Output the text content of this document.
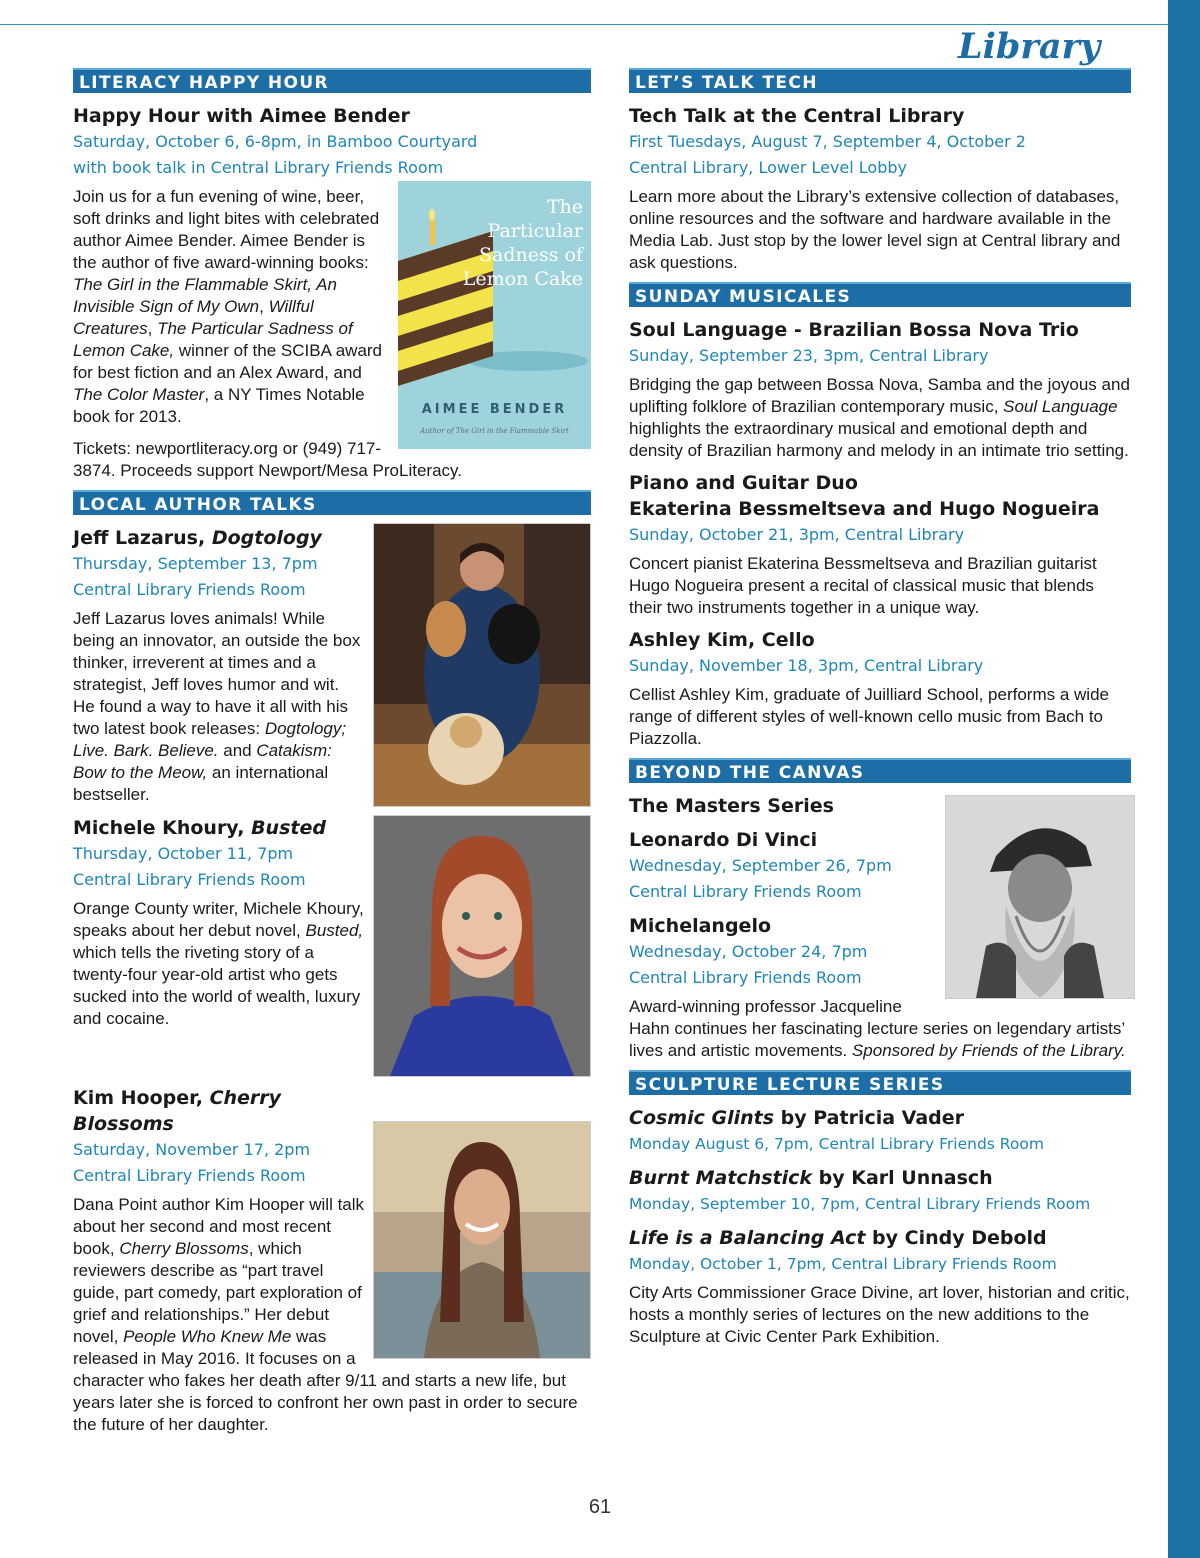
Library
LITERACY HAPPY HOUR
Happy Hour with Aimee Bender
Saturday, October 6, 6-8pm, in Bamboo Courtyard
with book talk in Central Library Friends Room
The Particular Sadness of Lemon Cake
AIMEE BENDER
Author of The Girl in the Flammable Skirt

Join us for a fun evening of wine, beer, soft drinks and light bites with celebrated author Aimee Bender. Aimee Bender is the author of five award-winning books: The Girl in the Flammable Skirt, An Invisible Sign of My Own, Willful Creatures, The Particular Sadness of Lemon Cake, winner of the SCIBA award for best fiction and an Alex Award, and The Color Master, a NY Times Notable book for 2013.

Tickets: newportliteracy.org or (949) 717-3874. Proceeds support Newport/Mesa ProLiteracy.

LOCAL AUTHOR TALKS
Jeff Lazarus, Dogtology
Thursday, September 13, 7pm
Central Library Friends Room

Jeff Lazarus loves animals! While being an innovator, an outside the box thinker, irreverent at times and a strategist, Jeff loves humor and wit. He found a way to have it all with his two latest book releases: Dogtology; Live. Bark. Believe. and Catakism: Bow to the Meow, an international bestseller.

Michele Khoury, Busted
Thursday, October 11, 7pm
Central Library Friends Room

Orange County writer, Michele Khoury, speaks about her debut novel, Busted, which tells the riveting story of a twenty-four year-old artist who gets sucked into the world of wealth, luxury and cocaine.

Kim Hooper, Cherry Blossoms
Saturday, November 17, 2pm
Central Library Friends Room

Dana Point author Kim Hooper will talk about her second and most recent book, Cherry Blossoms, which reviewers describe as “part travel guide, part comedy, part exploration of grief and relationships.” Her debut novel, People Who Knew Me was released in May 2016. It focuses on a character who fakes her death after 9/11 and starts a new life, but years later she is forced to confront her own past in order to secure the future of her daughter.

LET’S TALK TECH
Tech Talk at the Central Library
First Tuesdays, August 7, September 4, October 2
Central Library, Lower Level Lobby

Learn more about the Library’s extensive collection of databases, online resources and the software and hardware available in the Media Lab. Just stop by the lower level sign at Central library and ask questions.

SUNDAY MUSICALES
Soul Language - Brazilian Bossa Nova Trio
Sunday, September 23, 3pm, Central Library

Bridging the gap between Bossa Nova, Samba and the joyous and uplifting folklore of Brazilian contemporary music, Soul Language highlights the extraordinary musical and emotional depth and density of Brazilian harmony and melody in an intimate trio setting.

Piano and Guitar Duo
Ekaterina Bessmeltseva and Hugo Nogueira
Sunday, October 21, 3pm, Central Library

Concert pianist Ekaterina Bessmeltseva and Brazilian guitarist Hugo Nogueira present a recital of classical music that blends their two instruments together in a unique way.

Ashley Kim, Cello
Sunday, November 18, 3pm, Central Library

Cellist Ashley Kim, graduate of Juilliard School, performs a wide range of different styles of well-known cello music from Bach to Piazzolla.

BEYOND THE CANVAS
The Masters Series
Leonardo Di Vinci
Wednesday, September 26, 7pm
Central Library Friends Room
Michelangelo
Wednesday, October 24, 7pm
Central Library Friends Room

Award-winning professor Jacqueline Hahn continues her fascinating lecture series on legendary artists’ lives and artistic movements. Sponsored by Friends of the Library.

SCULPTURE LECTURE SERIES
Cosmic Glints by Patricia Vader
Monday August 6, 7pm, Central Library Friends Room
Burnt Matchstick by Karl Unnasch
Monday, September 10, 7pm, Central Library Friends Room
Life is a Balancing Act by Cindy Debold
Monday, October 1, 7pm, Central Library Friends Room

City Arts Commissioner Grace Divine, art lover, historian and critic, hosts a monthly series of lectures on the new additions to the Sculpture at Civic Center Park Exhibition.

61
